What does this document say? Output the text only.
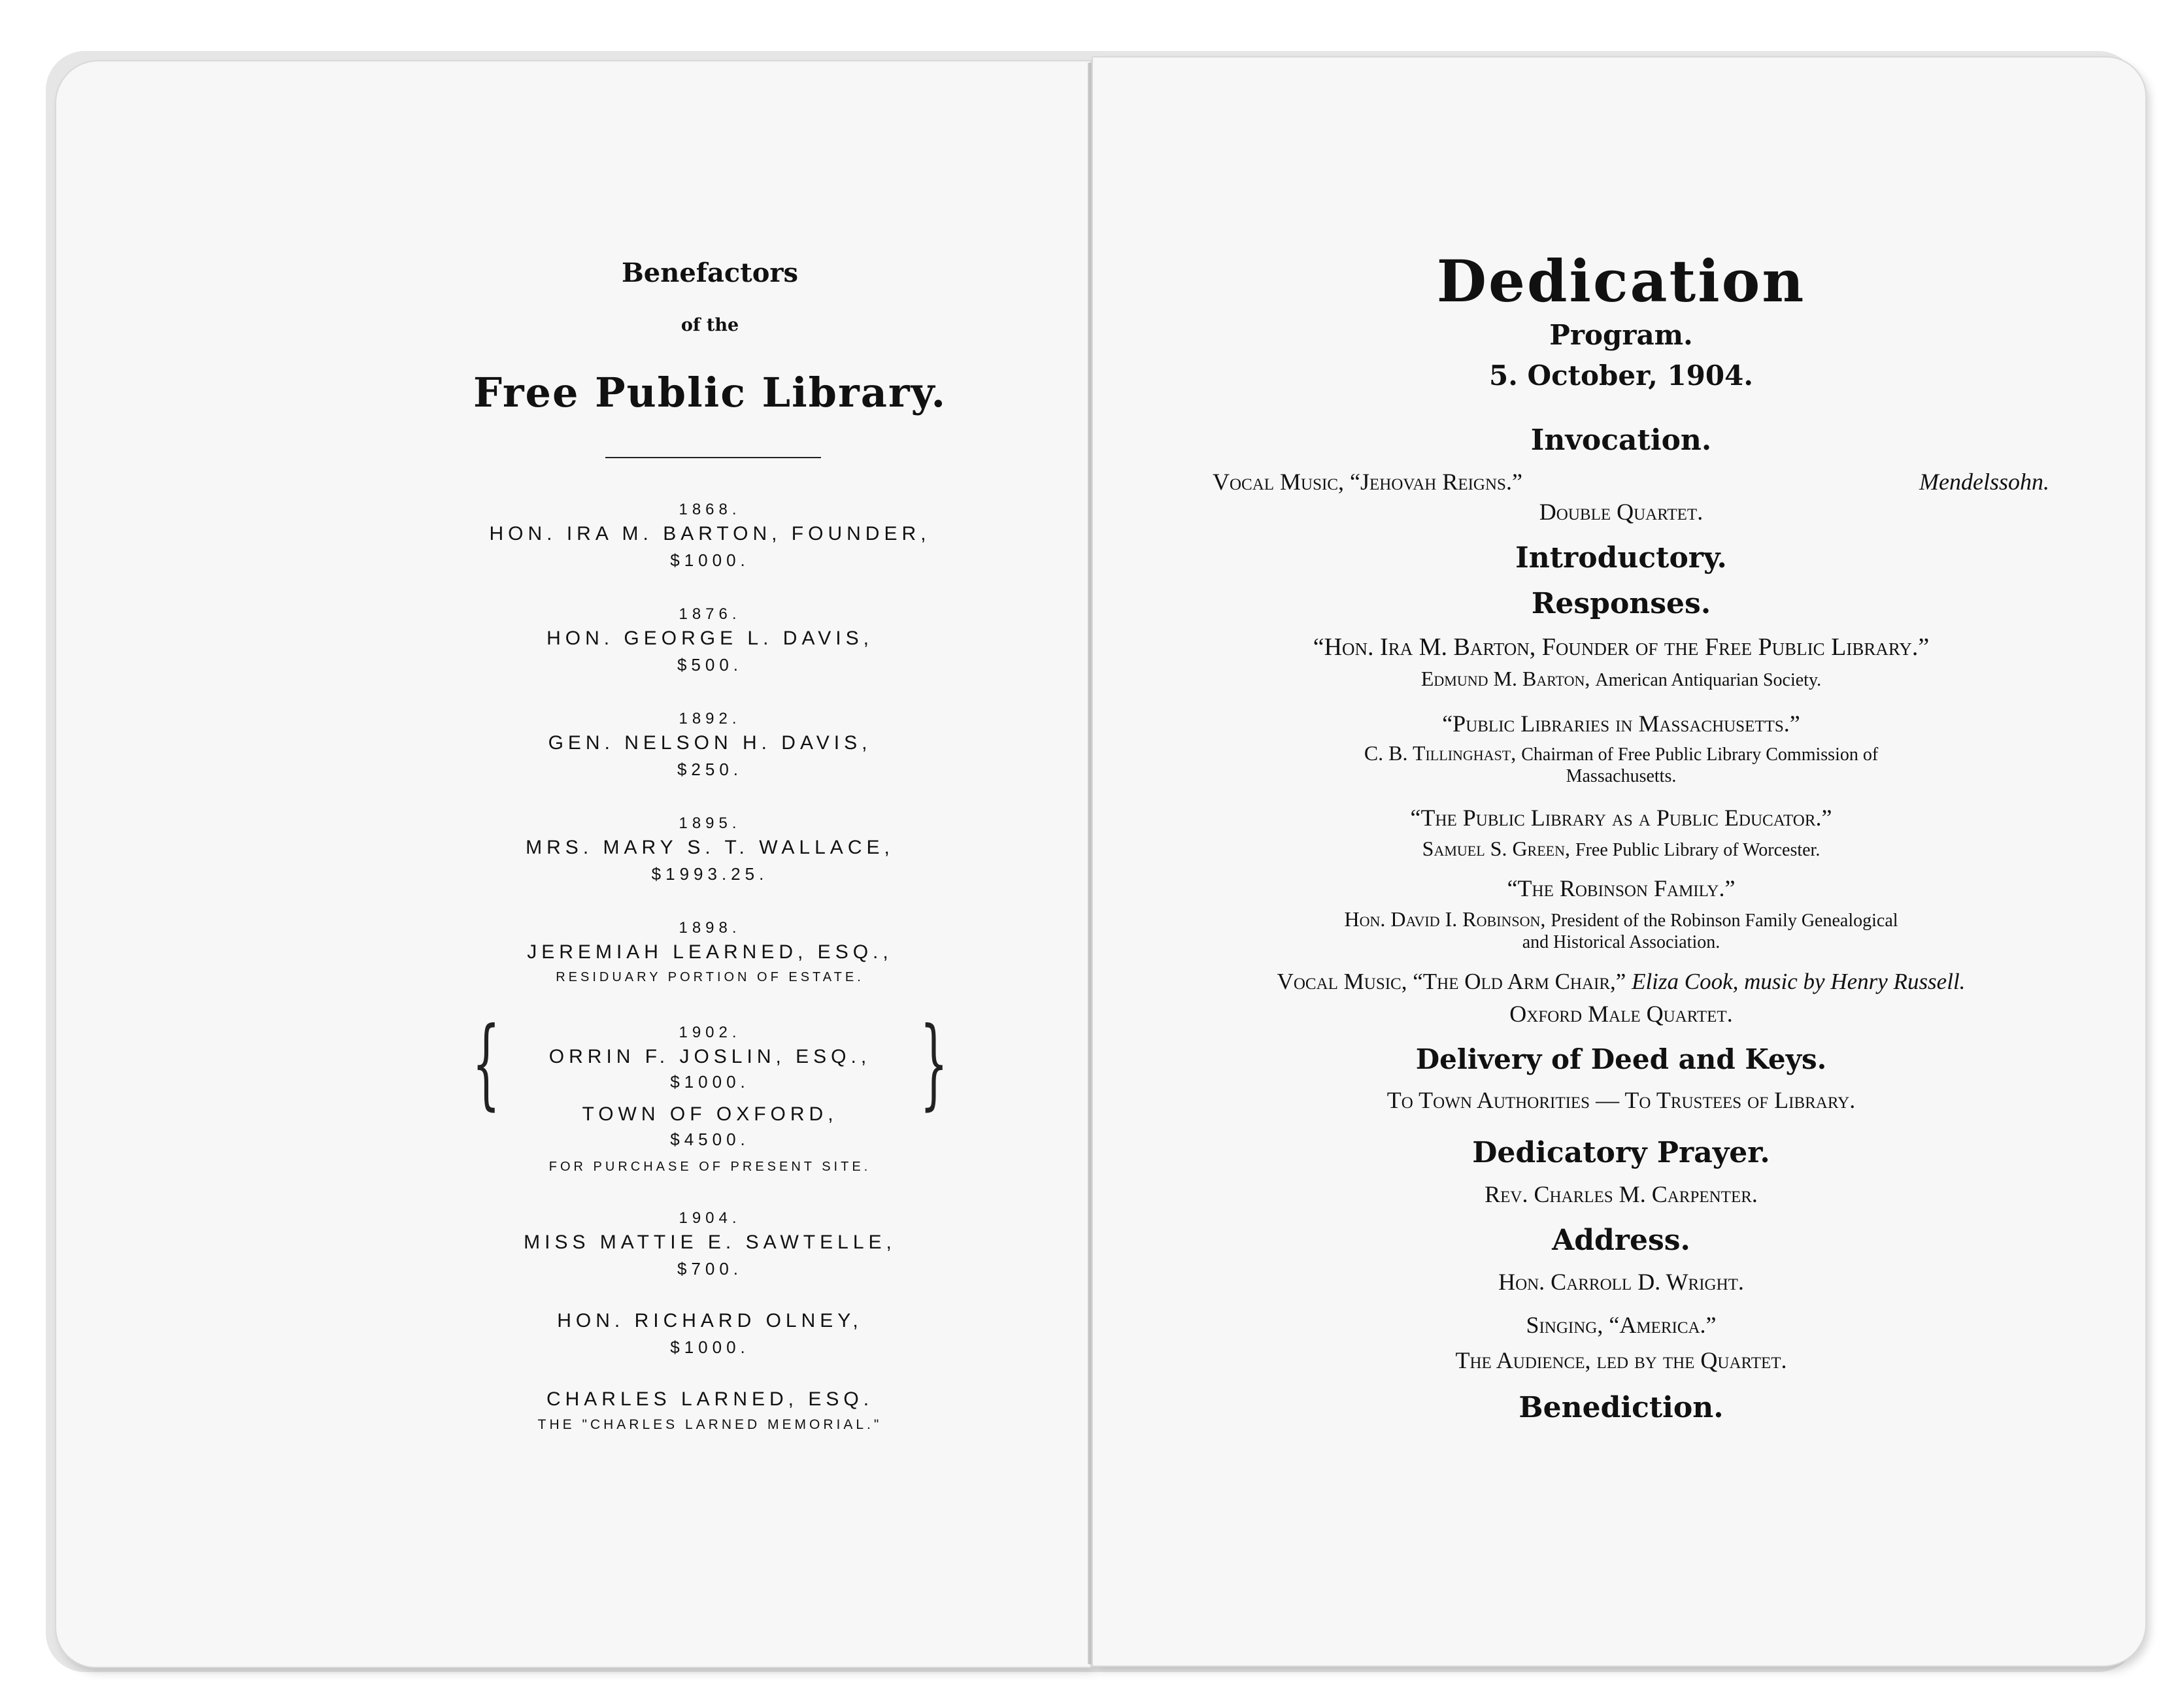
Benefactors
of the
Free Public Library.
1868.
HON. IRA M. BARTON, FOUNDER,
$1000.
1876.
HON. GEORGE L. DAVIS,
$500.
1892.
GEN. NELSON H. DAVIS,
$250.
1895.
MRS. MARY S. T. WALLACE,
$1993.25.
1898.
JEREMIAH LEARNED, ESQ.,
RESIDUARY PORTION OF ESTATE.
{	}
1902.
ORRIN F. JOSLIN, ESQ.,
$1000.
TOWN OF OXFORD,
$4500.
FOR PURCHASE OF PRESENT SITE.
1904.
MISS MATTIE E. SAWTELLE,
$700.
HON. RICHARD OLNEY,
$1000.
CHARLES LARNED, ESQ.
THE "CHARLES LARNED MEMORIAL."
Dedication
Program.
5. October, 1904.
Invocation.
Vocal Music, “Jehovah Reigns.”	Mendelssohn.
Double Quartet.
Introductory.
Responses.
“Hon. Ira M. Barton, Founder of the Free Public Library.”
Edmund M. Barton, American Antiquarian Society.
“Public Libraries in Massachusetts.”
C. B. Tillinghast, Chairman of Free Public Library Commission of
Massachusetts.
“The Public Library as a Public Educator.”
Samuel S. Green, Free Public Library of Worcester.
“The Robinson Family.”
Hon. David I. Robinson, President of the Robinson Family Genealogical
and Historical Association.
Vocal Music, “The Old Arm Chair,” Eliza Cook, music by Henry Russell.
Oxford Male Quartet.
Delivery of Deed and Keys.
To Town Authorities — To Trustees of Library.
Dedicatory Prayer.
Rev. Charles M. Carpenter.
Address.
Hon. Carroll D. Wright.
Singing, “America.”
The Audience, led by the Quartet.
Benediction.
